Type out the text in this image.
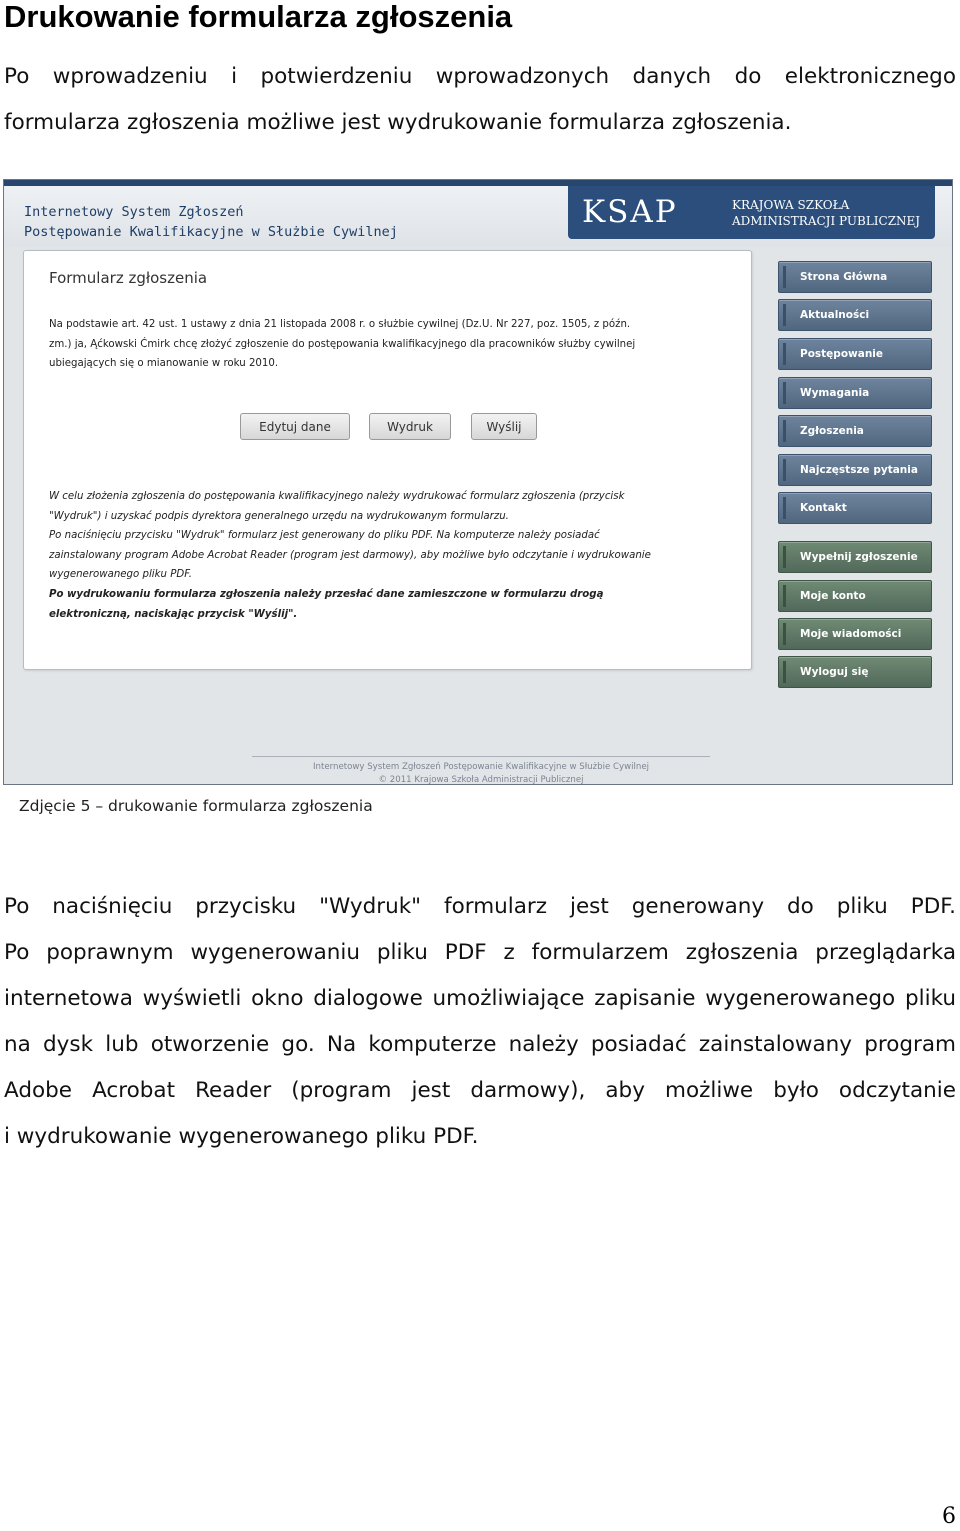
Drukowanie formularza zgłoszenia
Po wprowadzeniu i potwierdzeniu wprowadzonych danych do elektronicznego
formularza zgłoszenia możliwe jest wydrukowanie formularza zgłoszenia.
Internetowy System Zgłoszeń
Postępowanie Kwalifikacyjne w Służbie Cywilnej
KSAP	KRAJOWA SZKOŁA
ADMINISTRACJI PUBLICZNEJ
Formularz zgłoszenia
Na podstawie art. 42 ust. 1 ustawy z dnia 21 listopada 2008 r. o służbie cywilnej (Dz.U. Nr 227, poz. 1505, z późn.
zm.) ja, Ąćkowski Ćmirk chcę złożyć zgłoszenie do postępowania kwalifikacyjnego dla pracowników służby cywilnej
ubiegających się o mianowanie w roku 2010.
Edytuj dane	Wydruk	Wyślij
W celu złożenia zgłoszenia do postępowania kwalifikacyjnego należy wydrukować formularz zgłoszenia (przycisk
"Wydruk") i uzyskać podpis dyrektora generalnego urzędu na wydrukowanym formularzu.
Po naciśnięciu przycisku "Wydruk" formularz jest generowany do pliku PDF. Na komputerze należy posiadać
zainstalowany program Adobe Acrobat Reader (program jest darmowy), aby możliwe było odczytanie i wydrukowanie
wygenerowanego pliku PDF.
Po wydrukowaniu formularza zgłoszenia należy przesłać dane zamieszczone w formularzu drogą
elektroniczną, naciskając przycisk "Wyślij".
Strona Główna
Aktualności
Postępowanie
Wymagania
Zgłoszenia
Najczęstsze pytania
Kontakt
Wypełnij zgłoszenie
Moje konto
Moje wiadomości
Wyloguj się
Internetowy System Zgłoszeń Postępowanie Kwalifikacyjne w Służbie Cywilnej
© 2011 Krajowa Szkoła Administracji Publicznej
Zdjęcie 5 – drukowanie formularza zgłoszenia
Po naciśnięciu przycisku "Wydruk" formularz jest generowany do pliku PDF.
Po poprawnym wygenerowaniu pliku PDF z formularzem zgłoszenia przeglądarka
internetowa wyświetli okno dialogowe umożliwiające zapisanie wygenerowanego pliku
na dysk lub otworzenie go. Na komputerze należy posiadać zainstalowany program
Adobe Acrobat Reader (program jest darmowy), aby możliwe było odczytanie
i wydrukowanie wygenerowanego pliku PDF.
6
